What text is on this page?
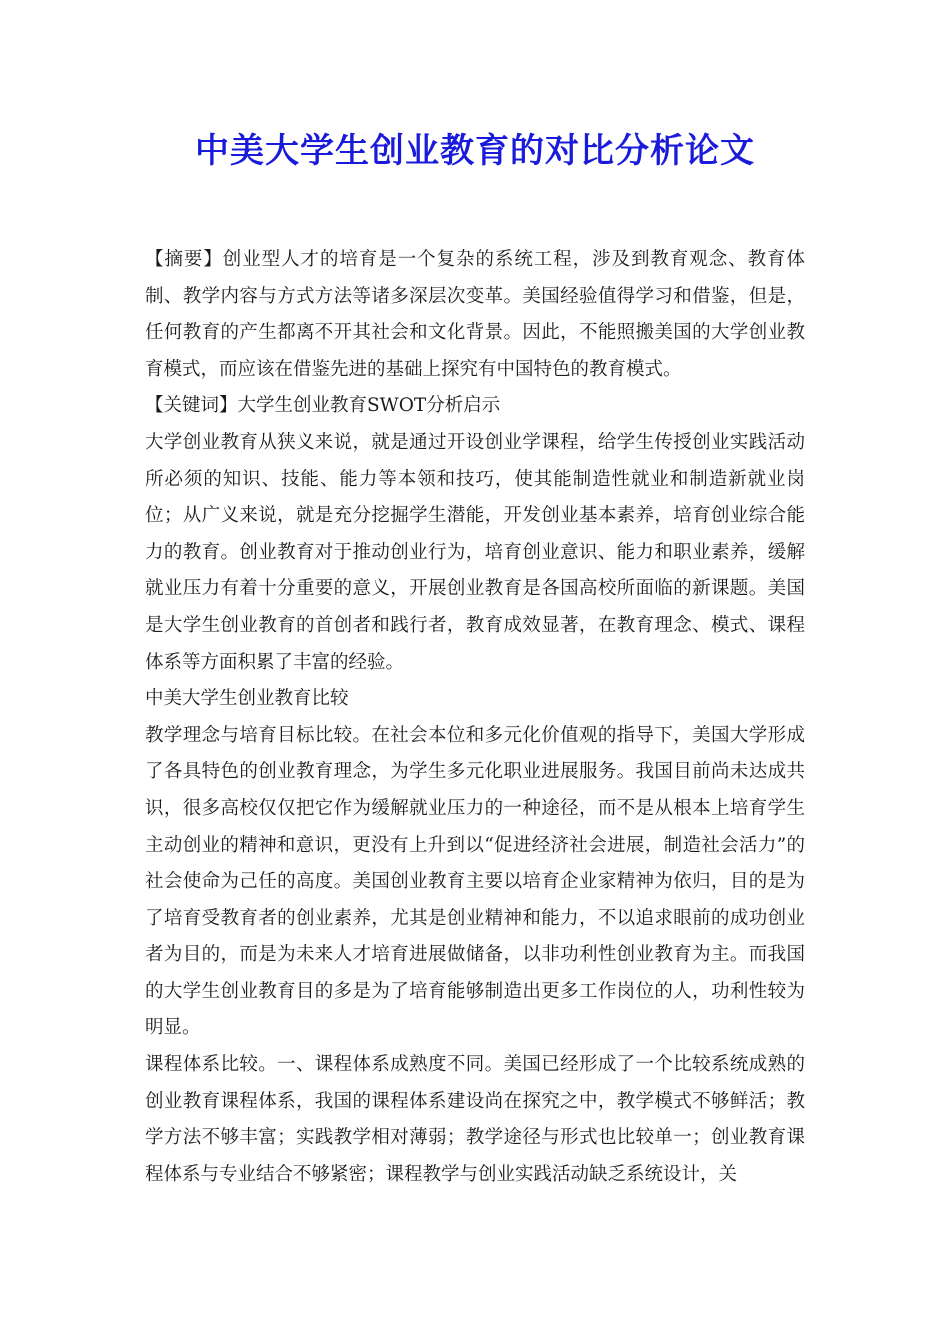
中美大学生创业教育的对比分析论文

【摘要】创业型人才的培育是一个复杂的系统工程，涉及到教育观念、教育体制、教学内容与方式方法等诸多深层次变革。美国经验值得学习和借鉴，但是，任何教育的产生都离不开其社会和文化背景。因此，不能照搬美国的大学创业教育模式，而应该在借鉴先进的基础上探究有中国特色的教育模式。

【关键词】大学生创业教育SWOT分析启示

大学创业教育从狭义来说，就是通过开设创业学课程，给学生传授创业实践活动所必须的知识、技能、能力等本领和技巧，使其能制造性就业和制造新就业岗位；从广义来说，就是充分挖掘学生潜能，开发创业基本素养，培育创业综合能力的教育。创业教育对于推动创业行为，培育创业意识、能力和职业素养，缓解就业压力有着十分重要的意义，开展创业教育是各国高校所面临的新课题。美国是大学生创业教育的首创者和践行者，教育成效显著，在教育理念、模式、课程体系等方面积累了丰富的经验。

中美大学生创业教育比较

教学理念与培育目标比较。在社会本位和多元化价值观的指导下，美国大学形成了各具特色的创业教育理念，为学生多元化职业进展服务。我国目前尚未达成共识，很多高校仅仅把它作为缓解就业压力的一种途径，而不是从根本上培育学生主动创业的精神和意识，更没有上升到以“促进经济社会进展，制造社会活力”的社会使命为己任的高度。美国创业教育主要以培育企业家精神为依归，目的是为了培育受教育者的创业素养，尤其是创业精神和能力，不以追求眼前的成功创业者为目的，而是为未来人才培育进展做储备，以非功利性创业教育为主。而我国的大学生创业教育目的多是为了培育能够制造出更多工作岗位的人，功利性较为明显。

课程体系比较。一、课程体系成熟度不同。美国已经形成了一个比较系统成熟的创业教育课程体系，我国的课程体系建设尚在探究之中，教学模式不够鲜活；教学方法不够丰富；实践教学相对薄弱；教学途径与形式也比较单一；创业教育课程体系与专业结合不够紧密；课程教学与创业实践活动缺乏系统设计，关
